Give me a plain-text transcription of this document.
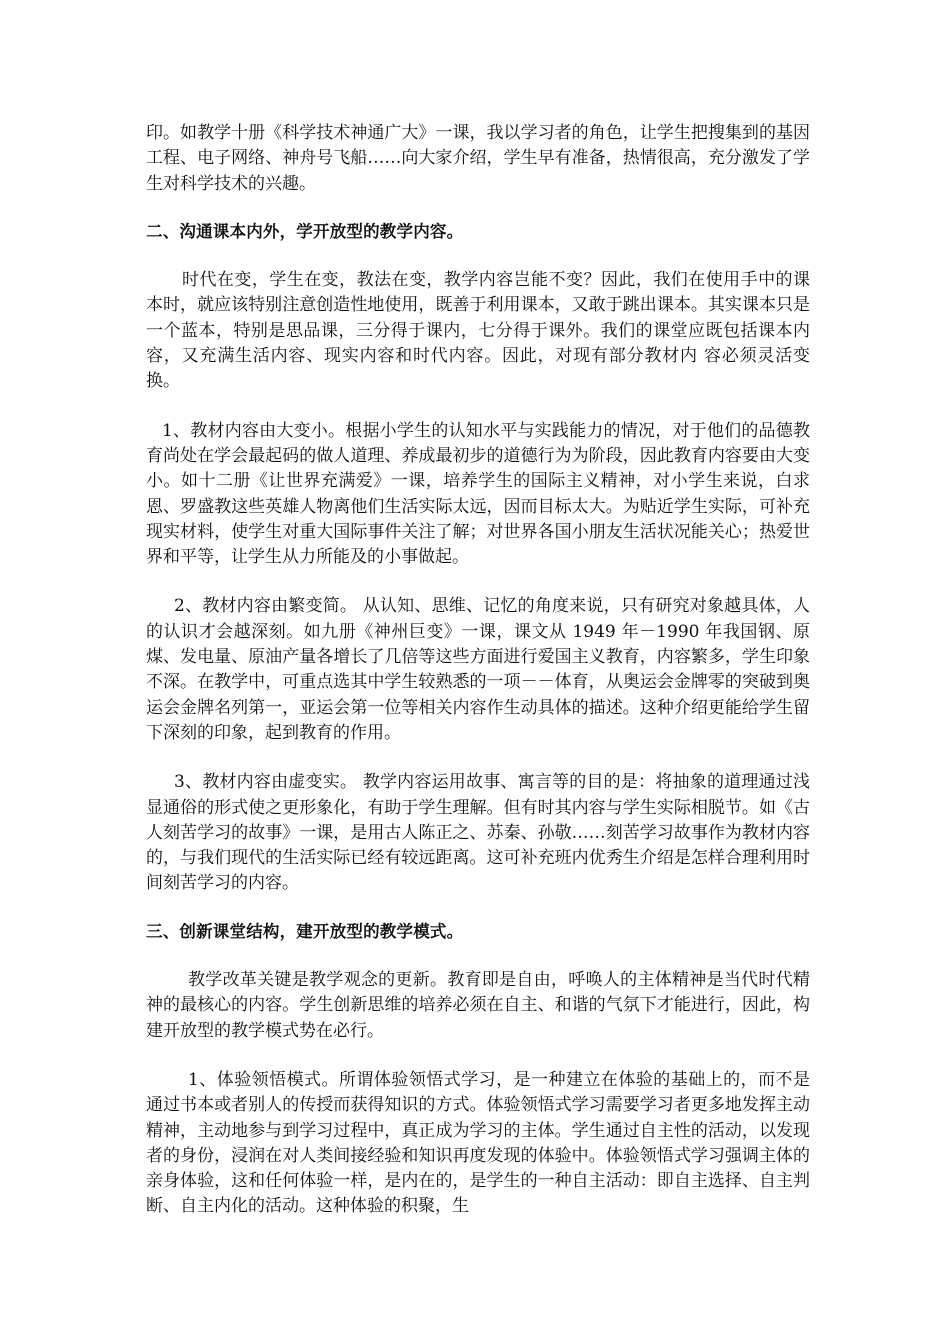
印。如教学十册《科学技术神通广大》一课，我以学习者的角色，让学生把搜集到的基因工程、电子网络、神舟号飞船……向大家介绍，学生早有准备，热情很高，充分激发了学生对科学技术的兴趣。

二、沟通课本内外，学开放型的教学内容。

时代在变，学生在变，教法在变，教学内容岂能不变？因此，我们在使用手中的课本时，就应该特别注意创造性地使用，既善于利用课本，又敢于跳出课本。其实课本只是一个蓝本，特别是思品课，三分得于课内，七分得于课外。我们的课堂应既包括课本内容，又充满生活内容、现实内容和时代内容。因此，对现有部分教材内 容必须灵活变换。

1、教材内容由大变小。根据小学生的认知水平与实践能力的情况，对于他们的品德教育尚处在学会最起码的做人道理、养成最初步的道德行为为阶段，因此教育内容要由大变小。如十二册《让世界充满爱》一课，培养学生的国际主义精神，对小学生来说，白求恩、罗盛教这些英雄人物离他们生活实际太远，因而目标太大。为贴近学生实际，可补充现实材料，使学生对重大国际事件关注了解；对世界各国小朋友生活状况能关心；热爱世界和平等，让学生从力所能及的小事做起。

2、教材内容由繁变简。 从认知、思维、记忆的角度来说，只有研究对象越具体，人的认识才会越深刻。如九册《神州巨变》一课，课文从 1949 年－1990 年我国钢、原煤、发电量、原油产量各增长了几倍等这些方面进行爱国主义教育，内容繁多，学生印象不深。在教学中，可重点选其中学生较熟悉的一项－－体育，从奥运会金牌零的突破到奥运会金牌名列第一，亚运会第一位等相关内容作生动具体的描述。这种介绍更能给学生留下深刻的印象，起到教育的作用。

3、教材内容由虚变实。 教学内容运用故事、寓言等的目的是：将抽象的道理通过浅显通俗的形式使之更形象化，有助于学生理解。但有时其内容与学生实际相脱节。如《古人刻苦学习的故事》一课，是用古人陈正之、苏秦、孙敬……刻苦学习故事作为教材内容的，与我们现代的生活实际已经有较远距离。这可补充班内优秀生介绍是怎样合理利用时间刻苦学习的内容。

三、创新课堂结构，建开放型的教学模式。

教学改革关键是教学观念的更新。教育即是自由，呼唤人的主体精神是当代时代精神的最核心的内容。学生创新思维的培养必须在自主、和谐的气氛下才能进行，因此，构建开放型的教学模式势在必行。

1、体验领悟模式。所谓体验领悟式学习，是一种建立在体验的基础上的，而不是通过书本或者别人的传授而获得知识的方式。体验领悟式学习需要学习者更多地发挥主动精神，主动地参与到学习过程中，真正成为学习的主体。学生通过自主性的活动，以发现者的身份，浸润在对人类间接经验和知识再度发现的体验中。体验领悟式学习强调主体的亲身体验，这和任何体验一样，是内在的，是学生的一种自主活动：即自主选择、自主判断、自主内化的活动。这种体验的积聚，生
